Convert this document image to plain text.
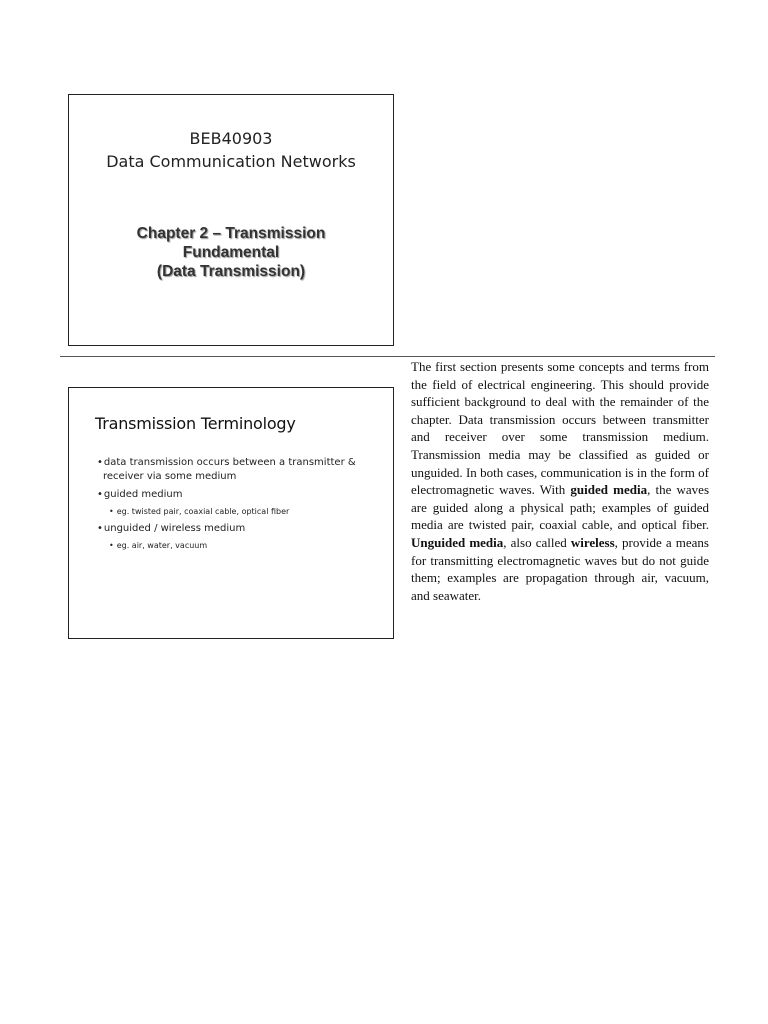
BEB40903
Data Communication Networks
Chapter 2 – Transmission
Fundamental
(Data Transmission)
Transmission Terminology
• data transmission occurs between a transmitter & receiver via some medium
• guided medium
• eg. twisted pair, coaxial cable, optical fiber
• unguided / wireless medium
• eg. air, water, vacuum
The first section presents some concepts and terms from the field of electrical engineering. This should provide sufficient background to deal with the remainder of the chapter. Data transmission occurs between transmitter and receiver over some transmission medium. Transmission media may be classified as guided or unguided. In both cases, communication is in the form of electromagnetic waves. With guided media, the waves are guided along a physical path; examples of guided media are twisted pair, coaxial cable, and optical fiber. Unguided media, also called wireless, provide a means for transmitting electromagnetic waves but do not guide them; examples are propagation through air, vacuum, and seawater.
